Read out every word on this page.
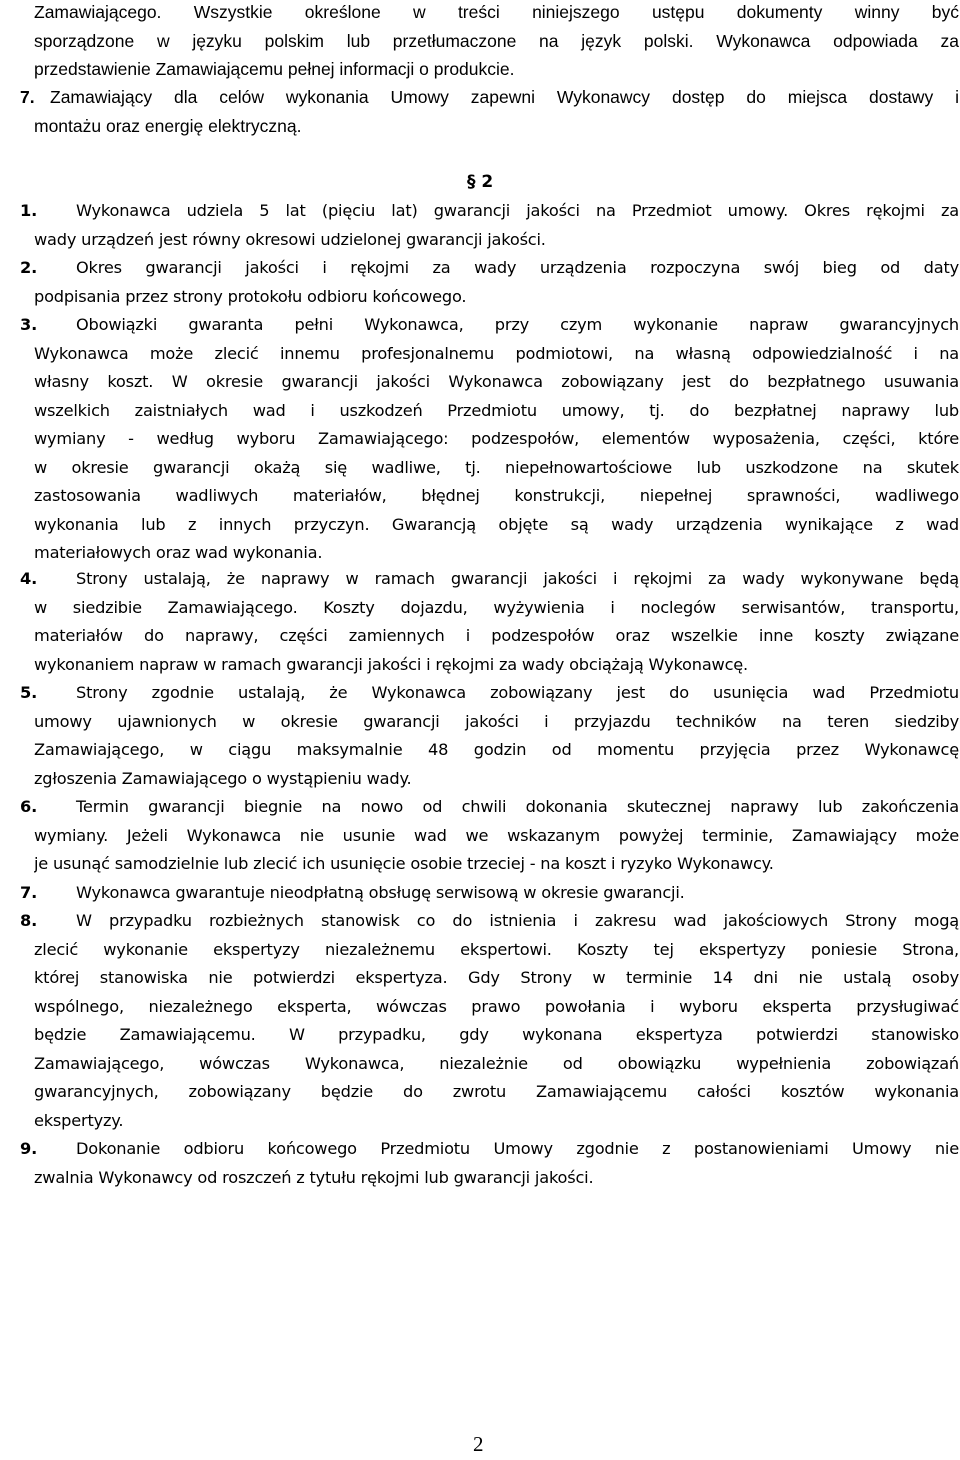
Zamawiającego. Wszystkie określone w treści niniejszego ustępu dokumenty winny być
sporządzone w języku polskim lub przetłumaczone na język polski. Wykonawca odpowiada za
przedstawienie Zamawiającemu pełnej informacji o produkcie.
7. Zamawiający dla celów wykonania Umowy zapewni Wykonawcy dostęp do miejsca dostawy i
montażu oraz energię elektryczną.
§ 2
1.	Wykonawca udziela 5 lat (pięciu lat) gwarancji jakości na Przedmiot umowy. Okres rękojmi za
wady urządzeń jest równy okresowi udzielonej gwarancji jakości.
2.	Okres gwarancji jakości i rękojmi za wady urządzenia rozpoczyna swój bieg od daty
podpisania przez strony protokołu odbioru końcowego.
3.	Obowiązki gwaranta pełni Wykonawca, przy czym wykonanie napraw gwarancyjnych
Wykonawca może zlecić innemu profesjonalnemu podmiotowi, na własną odpowiedzialność i na
własny koszt. W okresie gwarancji jakości Wykonawca zobowiązany jest do bezpłatnego usuwania
wszelkich zaistniałych wad i uszkodzeń Przedmiotu umowy, tj. do bezpłatnej naprawy lub
wymiany - według wyboru Zamawiającego: podzespołów, elementów wyposażenia, części, które
w okresie gwarancji okażą się wadliwe, tj. niepełnowartościowe lub uszkodzone na skutek
zastosowania wadliwych materiałów, błędnej konstrukcji, niepełnej sprawności, wadliwego
wykonania lub z innych przyczyn. Gwarancją objęte są wady urządzenia wynikające z wad
materiałowych oraz wad wykonania.
4.	Strony ustalają, że naprawy w ramach gwarancji jakości i rękojmi za wady wykonywane będą
w siedzibie Zamawiającego. Koszty dojazdu, wyżywienia i noclegów serwisantów, transportu,
materiałów do naprawy, części zamiennych i podzespołów oraz wszelkie inne koszty związane
wykonaniem napraw w ramach gwarancji jakości i rękojmi za wady obciążają Wykonawcę.
5.	Strony zgodnie ustalają, że Wykonawca zobowiązany jest do usunięcia wad Przedmiotu
umowy ujawnionych w okresie gwarancji jakości i przyjazdu techników na teren siedziby
Zamawiającego, w ciągu maksymalnie 48 godzin od momentu przyjęcia przez Wykonawcę
zgłoszenia Zamawiającego o wystąpieniu wady.
6.	Termin gwarancji biegnie na nowo od chwili dokonania skutecznej naprawy lub zakończenia
wymiany. Jeżeli Wykonawca nie usunie wad we wskazanym powyżej terminie, Zamawiający może
je usunąć samodzielnie lub zlecić ich usunięcie osobie trzeciej - na koszt i ryzyko Wykonawcy.
7.	Wykonawca gwarantuje nieodpłatną obsługę serwisową w okresie gwarancji.
8.	W przypadku rozbieżnych stanowisk co do istnienia i zakresu wad jakościowych Strony mogą
zlecić wykonanie ekspertyzy niezależnemu ekspertowi. Koszty tej ekspertyzy poniesie Strona,
której stanowiska nie potwierdzi ekspertyza. Gdy Strony w terminie 14 dni nie ustalą osoby
wspólnego, niezależnego eksperta, wówczas prawo powołania i wyboru eksperta przysługiwać
będzie Zamawiającemu. W przypadku, gdy wykonana ekspertyza potwierdzi stanowisko
Zamawiającego, wówczas Wykonawca, niezależnie od obowiązku wypełnienia zobowiązań
gwarancyjnych, zobowiązany będzie do zwrotu Zamawiającemu całości kosztów wykonania
ekspertyzy.
9.	Dokonanie odbioru końcowego Przedmiotu Umowy zgodnie z postanowieniami Umowy nie
zwalnia Wykonawcy od roszczeń z tytułu rękojmi lub gwarancji jakości.
2
